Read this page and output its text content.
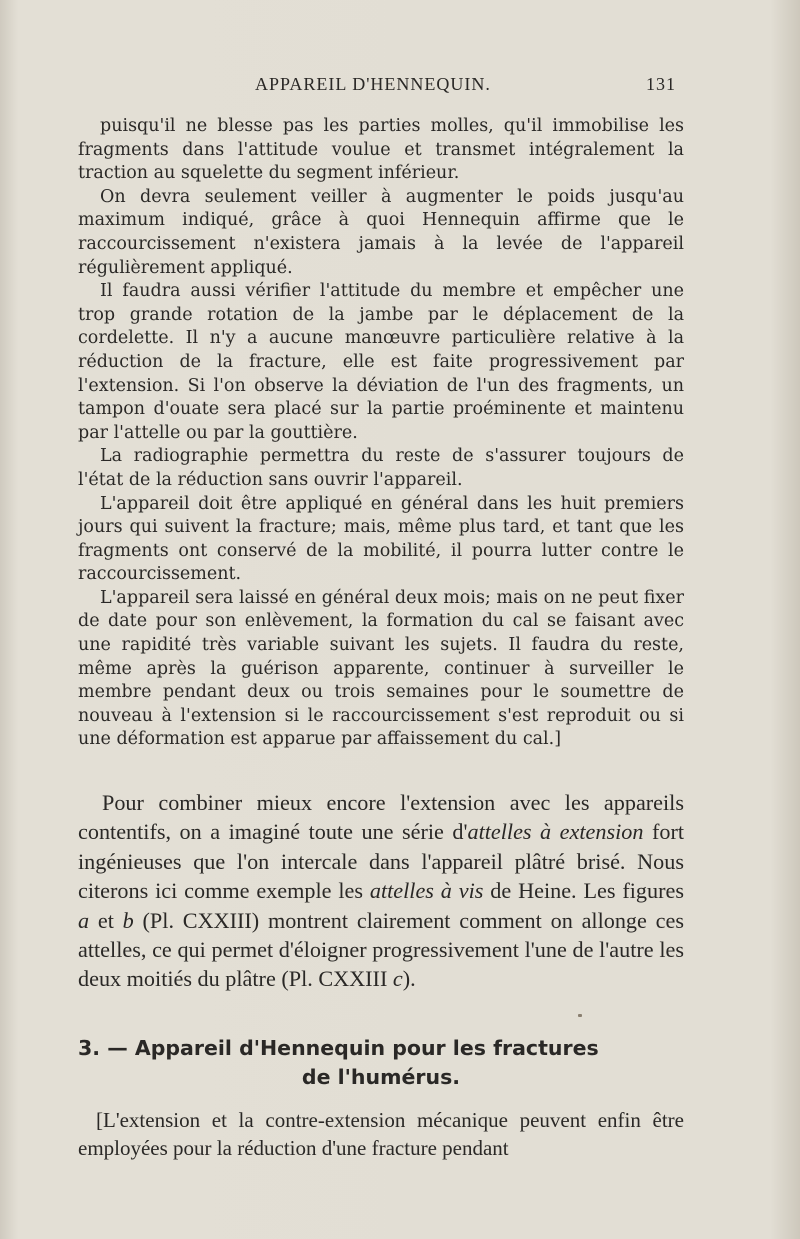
APPAREIL D'HENNEQUIN.	131

puisqu'il ne blesse pas les parties molles, qu'il immobilise les fragments dans l'attitude voulue et transmet intégralement la traction au squelette du segment inférieur.

On devra seulement veiller à augmenter le poids jusqu'au maximum indiqué, grâce à quoi Hennequin affirme que le raccourcissement n'existera jamais à la levée de l'appareil régulièrement appliqué.

Il faudra aussi vérifier l'attitude du membre et empêcher une trop grande rotation de la jambe par le déplacement de la cordelette. Il n'y a aucune manœuvre particulière relative à la réduction de la fracture, elle est faite progressivement par l'extension. Si l'on observe la déviation de l'un des fragments, un tampon d'ouate sera placé sur la partie proéminente et maintenu par l'attelle ou par la gouttière.

La radiographie permettra du reste de s'assurer toujours de l'état de la réduction sans ouvrir l'appareil.

L'appareil doit être appliqué en général dans les huit premiers jours qui suivent la fracture; mais, même plus tard, et tant que les fragments ont conservé de la mobilité, il pourra lutter contre le raccourcissement.

L'appareil sera laissé en général deux mois; mais on ne peut fixer de date pour son enlèvement, la formation du cal se faisant avec une rapidité très variable suivant les sujets. Il faudra du reste, même après la guérison apparente, continuer à surveiller le membre pendant deux ou trois semaines pour le soumettre de nouveau à l'extension si le raccourcissement s'est reproduit ou si une déformation est apparue par affaissement du cal.]

Pour combiner mieux encore l'extension avec les appareils contentifs, on a imaginé toute une série d'attelles à extension fort ingénieuses que l'on intercale dans l'appareil plâtré brisé. Nous citerons ici comme exemple les attelles à vis de Heine. Les figures a et b (Pl. CXXIII) montrent clairement comment on allonge ces attelles, ce qui permet d'éloigner progressivement l'une de l'autre les deux moitiés du plâtre (Pl. CXXIII c).

3. — Appareil d'Hennequin pour les fractures
de l'humérus.

[L'extension et la contre-extension mécanique peuvent enfin être employées pour la réduction d'une fracture pendant
